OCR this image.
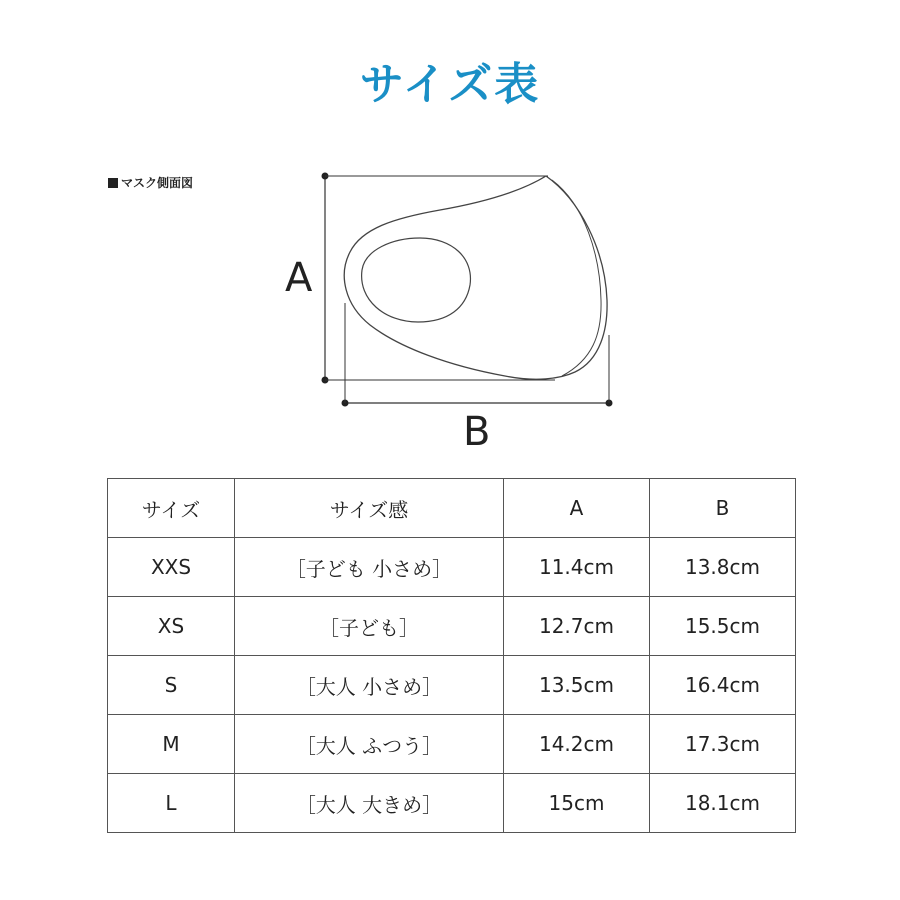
サイズ表
マスク側面図
A
B
サイズ	サイズ感	A	B
XXS	［子ども 小さめ］	11.4cm	13.8cm
XS	［子ども］	12.7cm	15.5cm
S	［大人 小さめ］	13.5cm	16.4cm
M	［大人 ふつう］	14.2cm	17.3cm
L	［大人 大きめ］	15cm	18.1cm
